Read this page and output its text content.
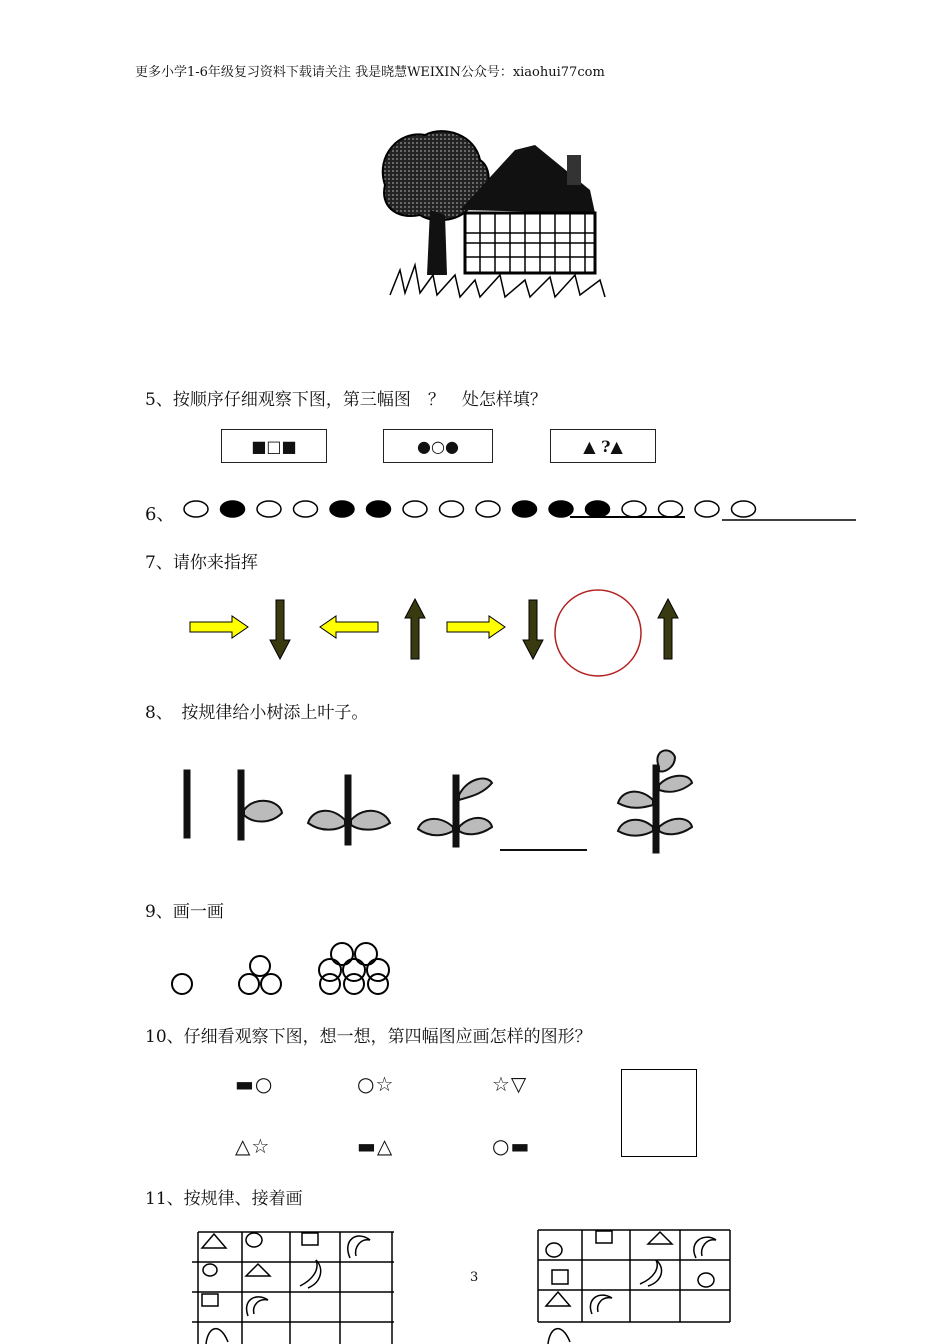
更多小学1-6年级复习资料下载请关注 我是晓慧WEIXIN公众号：xiaohui77com
5、按顺序仔细观察下图，第三幅图　？　处怎样填？
■□■	●○●	▲ ?▲
6、
7、请你来指挥
8、　按规律给小树添上叶子。
9、画一画
10、仔细看观察下图，想一想，第四幅图应画怎样的图形？
▬○	○☆	☆▽
△☆	▬△	○▬
11、按规律、接着画
3
